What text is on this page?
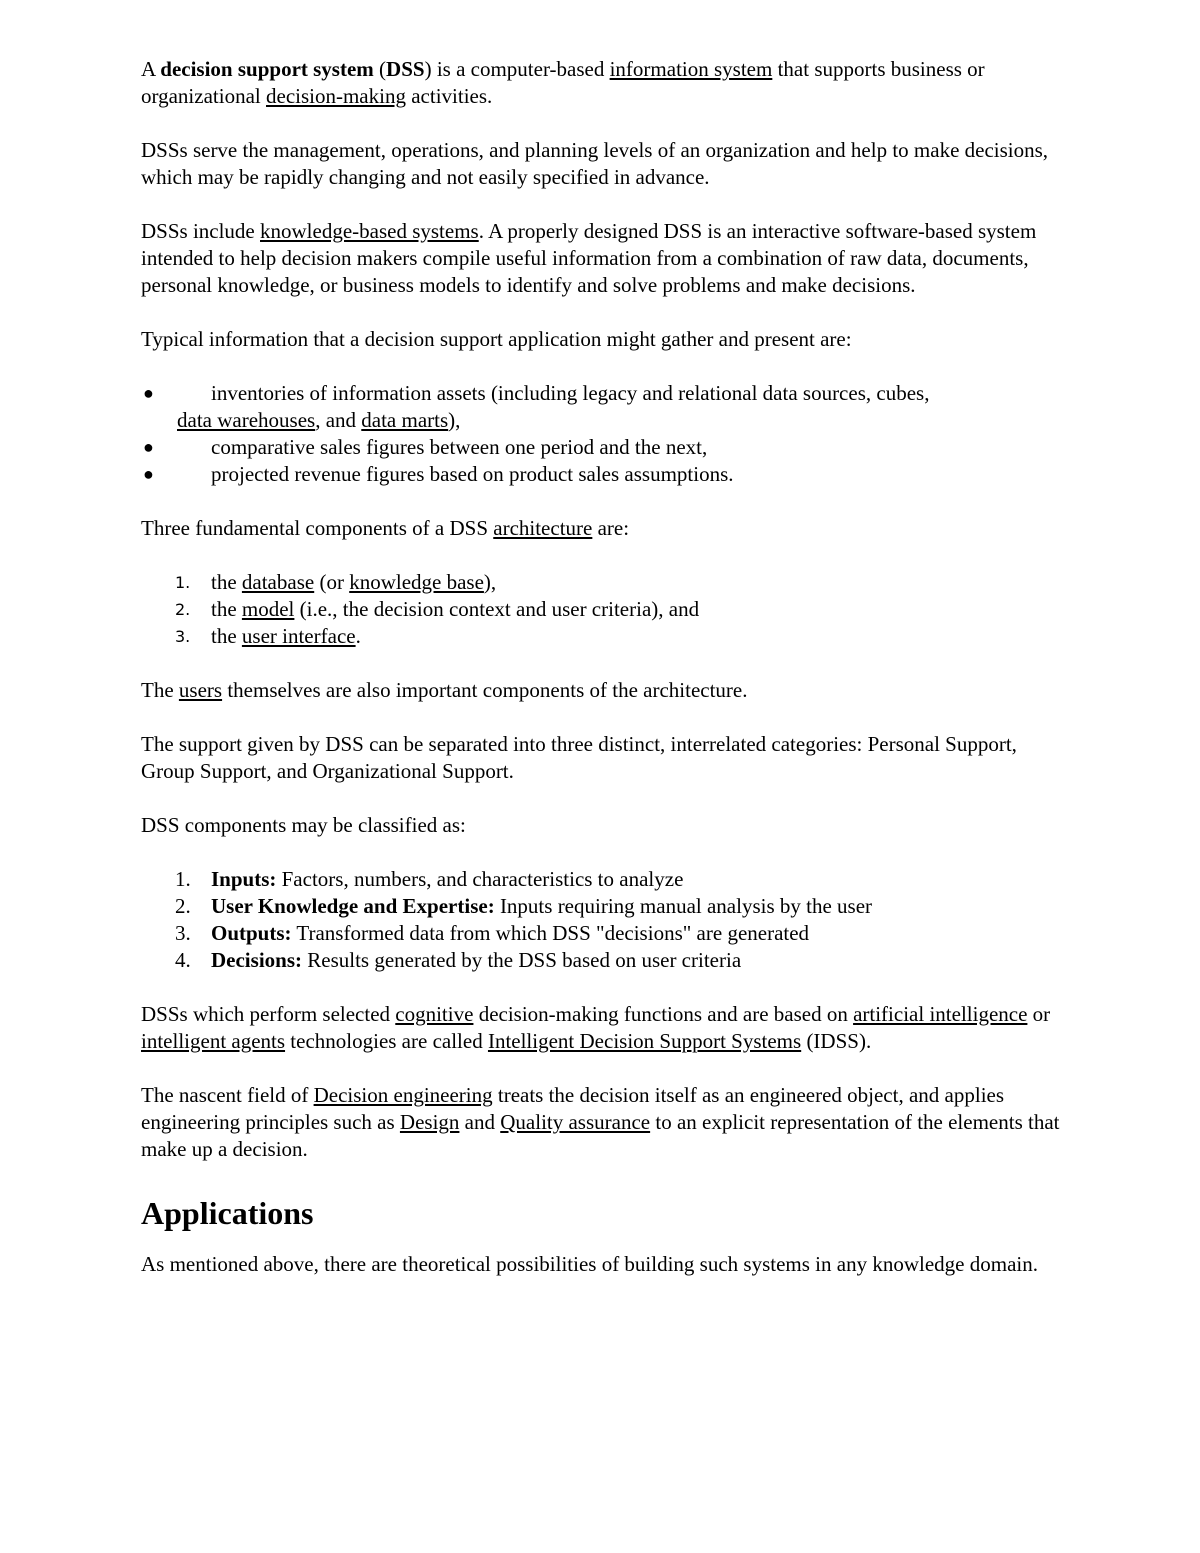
A decision support system (DSS) is a computer-based information system that supports business or organizational decision-making activities.

DSSs serve the management, operations, and planning levels of an organization and help to make decisions, which may be rapidly changing and not easily specified in advance.

DSSs include knowledge-based systems. A properly designed DSS is an interactive software-based system intended to help decision makers compile useful information from a combination of raw data, documents, personal knowledge, or business models to identify and solve problems and make decisions.

Typical information that a decision support application might gather and present are:

●	inventories of information assets (including legacy and relational data sources, cubes,
data warehouses, and data marts),
●	comparative sales figures between one period and the next,
●	projected revenue figures based on product sales assumptions.

Three fundamental components of a DSS architecture are:

1. the database (or knowledge base),
2. the model (i.e., the decision context and user criteria), and
3. the user interface.

The users themselves are also important components of the architecture.

The support given by DSS can be separated into three distinct, interrelated categories: Personal Support, Group Support, and Organizational Support.

DSS components may be classified as:

1. Inputs: Factors, numbers, and characteristics to analyze
2. User Knowledge and Expertise: Inputs requiring manual analysis by the user
3. Outputs: Transformed data from which DSS "decisions" are generated
4. Decisions: Results generated by the DSS based on user criteria

DSSs which perform selected cognitive decision-making functions and are based on artificial intelligence or intelligent agents technologies are called Intelligent Decision Support Systems (IDSS).

The nascent field of Decision engineering treats the decision itself as an engineered object, and applies engineering principles such as Design and Quality assurance to an explicit representation of the elements that make up a decision.

Applications

As mentioned above, there are theoretical possibilities of building such systems in any knowledge domain.
